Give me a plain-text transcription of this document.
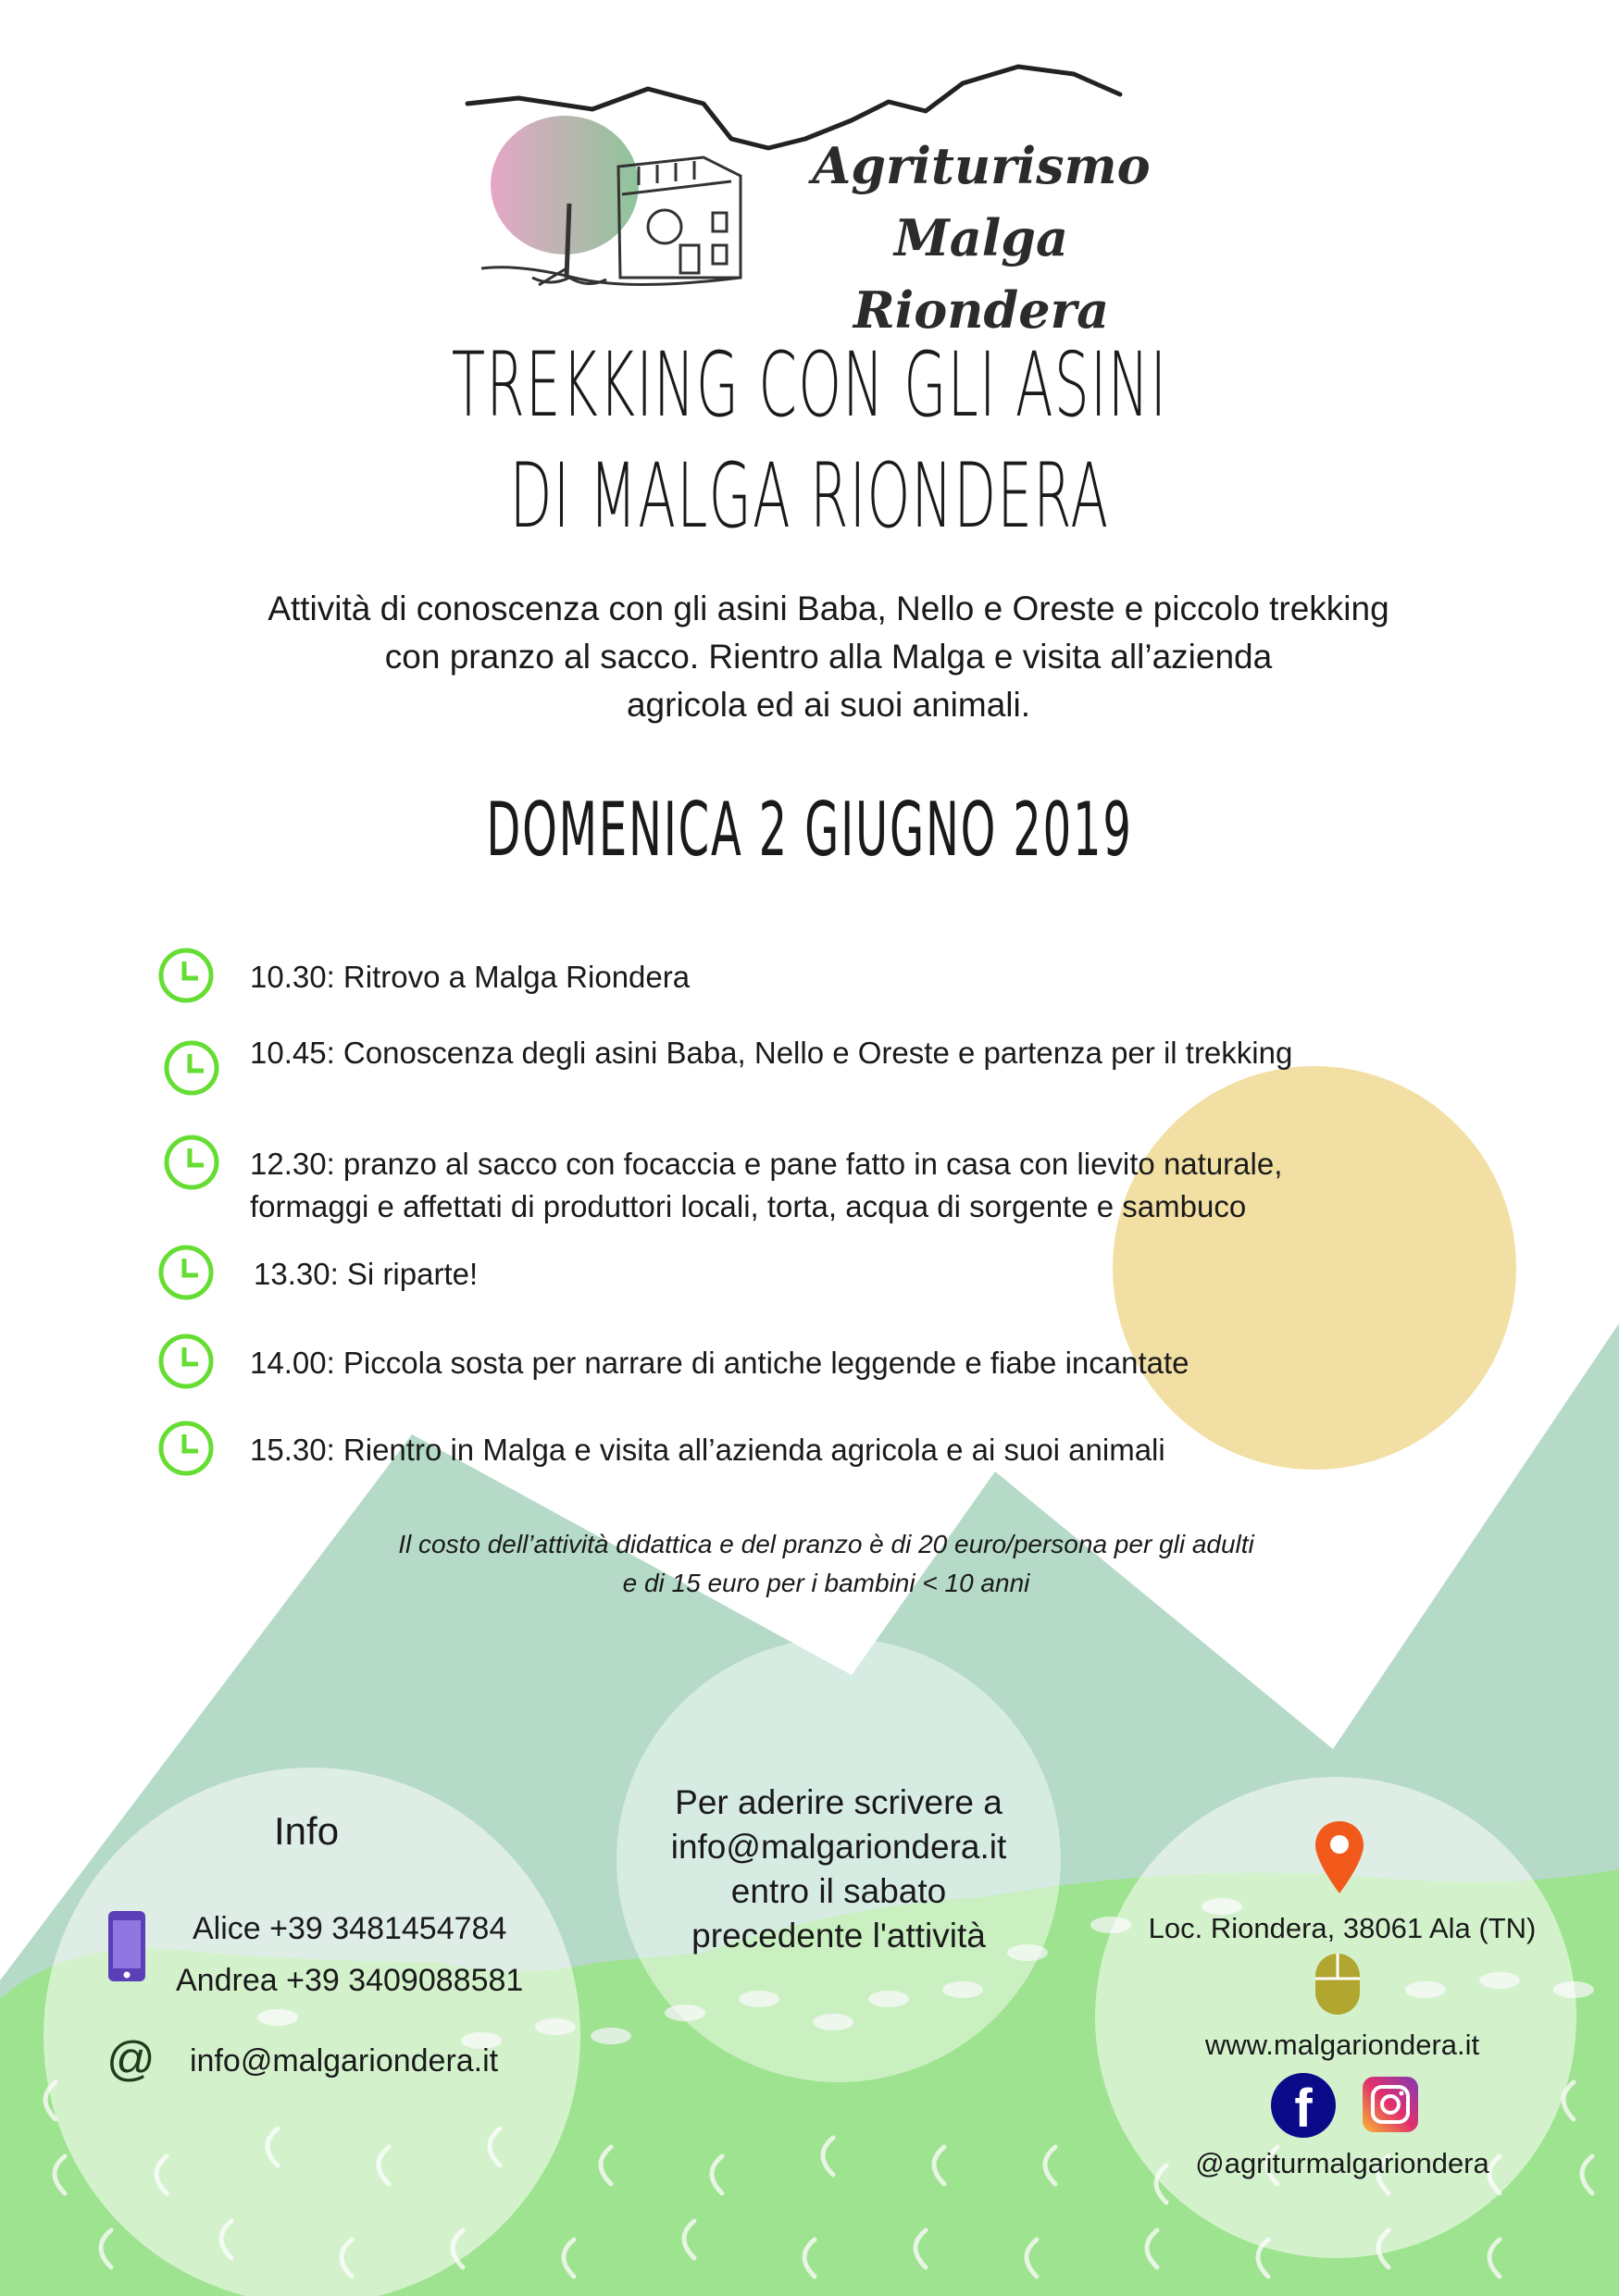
Agriturismo
Malga Riondera
TREKKING CON GLI ASINI
DI MALGA RIONDERA
Attività di conoscenza con gli asini Baba, Nello e Oreste e piccolo trekking
con pranzo al sacco. Rientro alla Malga e visita all’azienda
agricola ed ai suoi animali.
DOMENICA 2 GIUGNO 2019
10.30: Ritrovo a Malga Riondera
10.45: Conoscenza degli asini Baba, Nello e Oreste e partenza per il trekking
12.30: pranzo al sacco con focaccia e pane fatto in casa con lievito naturale,
formaggi e affettati di produttori locali, torta, acqua di sorgente e sambuco
13.30: Si riparte!
14.00: Piccola sosta per narrare di antiche leggende e fiabe incantate
15.30: Rientro in Malga e visita all’azienda agricola e ai suoi animali
Il costo dell’attività didattica e del pranzo è di 20 euro/persona per gli adulti
e di 15 euro per i bambini < 10 anni
Info
Alice +39 3481454784
Andrea +39 3409088581
@ info@malgariondera.it
Per aderire scrivere a
info@malgariondera.it
entro il sabato
precedente l'attività	Loc. Riondera, 38061 Ala (TN)
www.malgariondera.it
f
@agriturmalgariondera
